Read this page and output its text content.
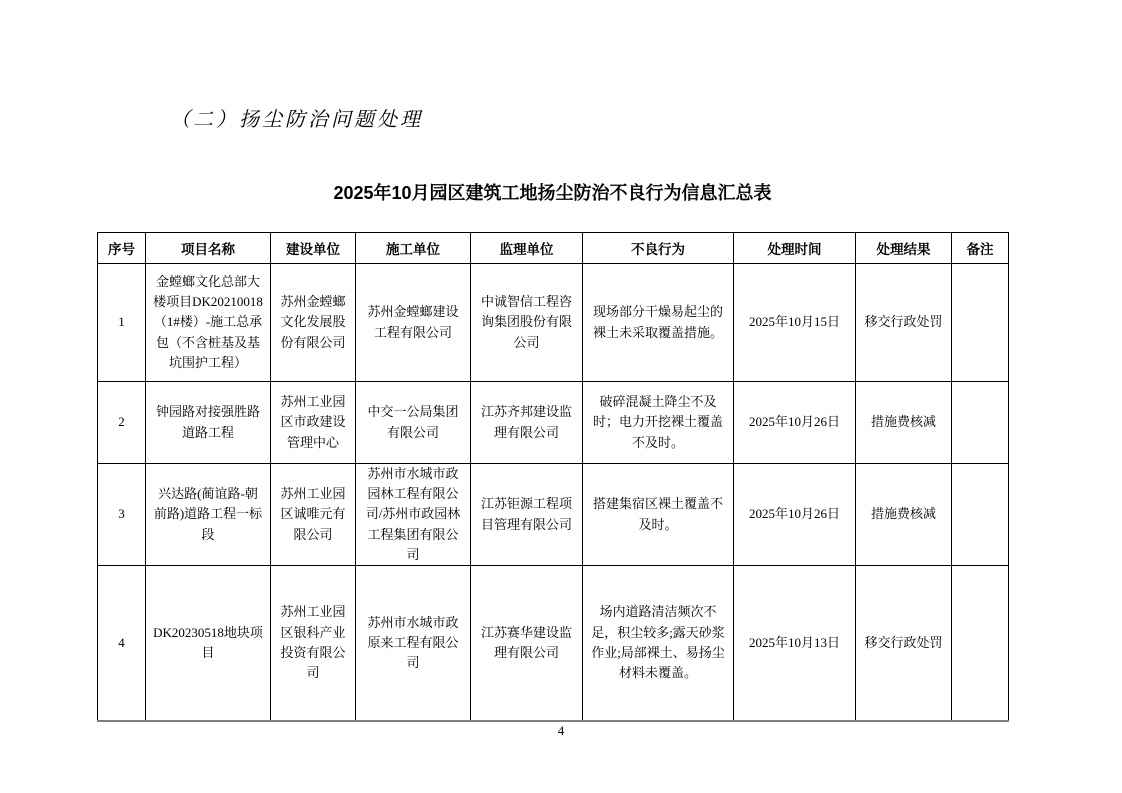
（二）扬尘防治问题处理
2025年10月园区建筑工地扬尘防治不良行为信息汇总表
序号	项目名称	建设单位	施工单位	监理单位	不良行为	处理时间	处理结果	备注
1	金螳螂文化总部大楼项目DK20210018（1#楼）-施工总承包（不含桩基及基坑围护工程）	苏州金螳螂文化发展股份有限公司	苏州金螳螂建设工程有限公司	中诚智信工程咨询集团股份有限公司	现场部分干燥易起尘的裸土未采取覆盖措施。	2025年10月15日	移交行政处罚	
2	钟园路对接强胜路道路工程	苏州工业园区市政建设管理中心	中交一公局集团有限公司	江苏齐邦建设监理有限公司	破碎混凝土降尘不及时；电力开挖裸土覆盖不及时。	2025年10月26日	措施费核减	
3	兴达路(蔺谊路-朝前路)道路工程一标段	苏州工业园区诚唯元有限公司	苏州市水城市政园林工程有限公司/苏州市政园林工程集团有限公司	江苏钜源工程项目管理有限公司	搭建集宿区裸土覆盖不及时。	2025年10月26日	措施费核减	
4	DK20230518地块项目	苏州工业园区银科产业投资有限公司	苏州市水城市政原来工程有限公司	江苏赛华建设监理有限公司	场内道路清洁频次不足，积尘较多;露天砂浆作业;局部裸土、易扬尘材料未覆盖。	2025年10月13日	移交行政处罚	
4
